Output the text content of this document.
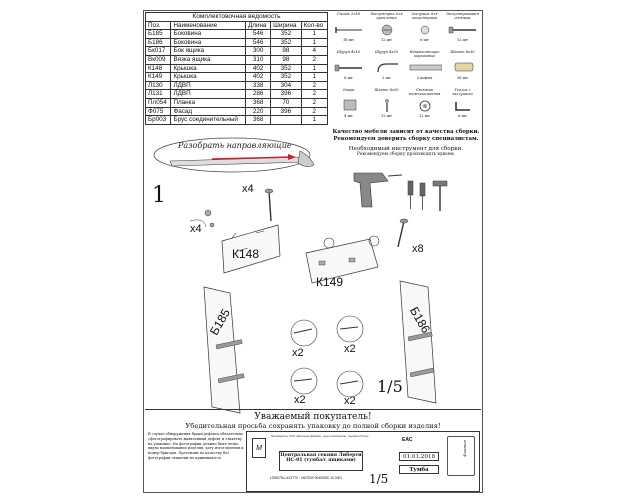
Комплектовочная ведомость				
Поз.	Наименование	Длина	Ширина	Кол-во
Б185	Боковина	546	352	1
Б186	Боковина	546	352	1
Бк017	Бок ящика	300	98	4
Вк009	Вязка ящика	310	98	2
К148	Крышка	402	352	1
К149	Крышка	402	352	1
Л130	ЛДВП	338	304	2
Л131	ЛДВП	286	396	2
Пл054	Планка	368	70	2
Ф075	Фасад	220	396	2
Бр003	Брус соединительный	368		1
Гвоздь 2х18
18 шт
Эксцентрик для крепления
12 шт
Заглушка для эксцентрика
6 шт
Эксцентриковая стяжка
12 шт
Шуруп 4х16
8 шт
Шуруп 4х30
2 шт
Направляющие шариковые
2 компл
Шкант 8х30
36 шт
Опора
4 шт
Шкант 8х30
12 шт
Стяжка межсекционная
12 шт
Уголок с заглушкой
6 шт
Качество мебели зависит от качества сборки.
Рекомендуем доверить сборку специалистам.
Необходимый инструмент для сборки.
Рекомендуем сборку производить вдвоем.
Разобрать направляющие
1	x4
x4
x8
x2	x2
x2	x2
К148
К149
Б185	Б186
1/5
Уважаемый покупатель!
Убедительная просьба сохранять упаковку до полной сборки изделия!
В случае обнаружения брака(дефекта обязательно сфотографировать выявленный дефект и этикетку на упаковке. На фотографии должно быть четко видно наименование изделия, дату изготовления и номер бригады. Претензии по качеству без фотографии этикетки не принимаются.
М
Производитель: ООО «Мебельная фабрика» · Адрес производства · Сделано в России
ЕАС
Центральная секция Либерти НС-01 (тумба/с ящиками)
01.01.2018
Тумба
1/5
1259579LL4XZ7T0 · 1807549 00493920 10 0001
Фиатоэ
